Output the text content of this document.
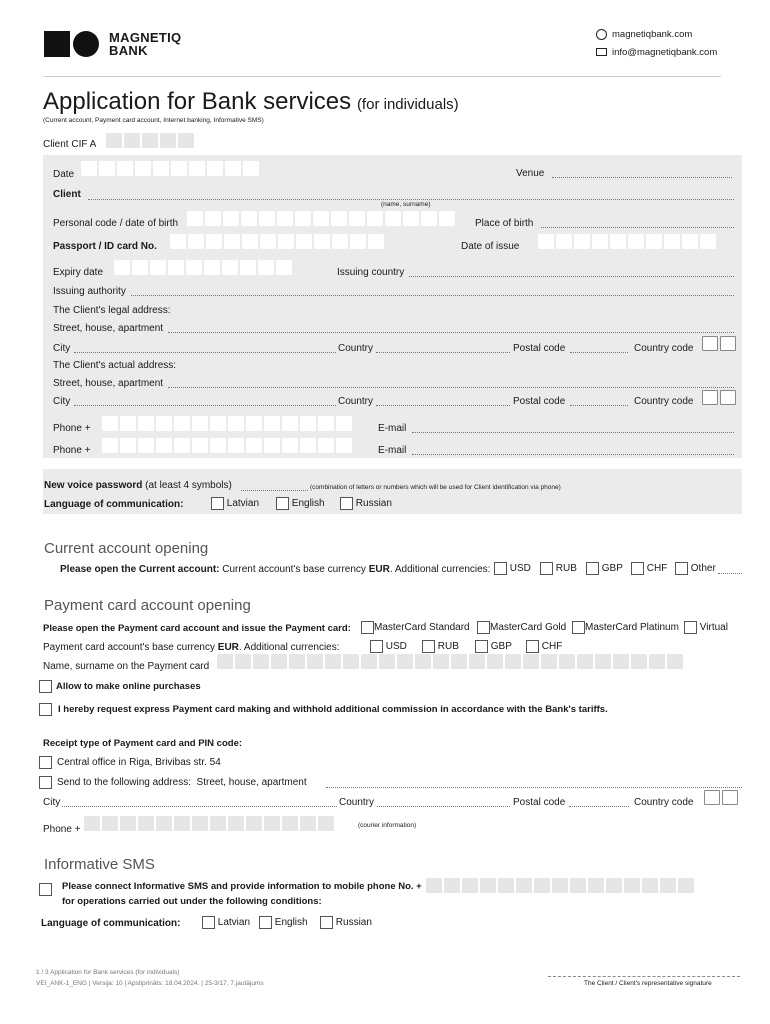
MAGNETIQ
BANK
magnetiqbank.com
info@magnetiqbank.com
Application for Bank services (for individuals)
(Current account, Payment card account, Internet banking, Informative SMS)
Client CIF A
Date	Venue
Client
(name, surname)
Personal code / date of birth	Place of birth
Passport / ID card No.	Date of issue
Expiry date	Issuing country
Issuing authority
The Client's legal address:
Street, house, apartment
City	Country	Postal code	Country code
The Client's actual address:
Street, house, apartment
City	Country	Postal code	Country code
Phone +	E-mail
Phone +	E-mail
New voice password (at least 4 symbols)	(combination of letters or numbers which will be used for Client identification via phone)
Language of communication:	Latvian	English	Russian
Current account opening
Please open the Current account: Current account's base currency EUR. Additional currencies:	USD	RUB	GBP	CHF	Other
Payment card account opening
Please open the Payment card account and issue the Payment card:	MasterCard Standard	MasterCard Gold	MasterCard Platinum	Virtual
Payment card account's base currency EUR. Additional currencies:	USD	RUB	GBP	CHF
Name, surname on the Payment card
Allow to make online purchases
I hereby request express Payment card making and withhold additional commission in accordance with the Bank's tariffs.
Receipt type of Payment card and PIN code:
Central office in Riga, Brivibas str. 54
Send to the following address: Street, house, apartment
City	Country	Postal code	Country code
Phone +	(courier information)
Informative SMS
Please connect Informative SMS and provide information to mobile phone No. +
for operations carried out under the following conditions:
Language of communication:	Latvian	English	Russian
1 / 3 Application for Bank services (for individuals)
VEI_ANK-1_ENG | Versija: 10 | Apstiprināts: 18.04.2024. | 25-3/17, 7.jautājums	The Client / Client's representative signature
